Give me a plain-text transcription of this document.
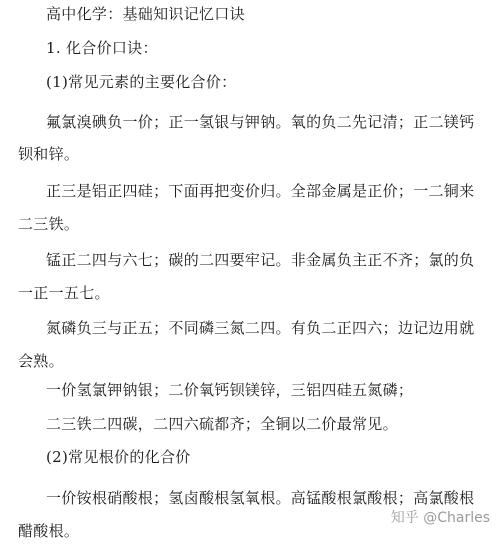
高中化学：基础知识记忆口诀
1. 化合价口诀：
(1)常见元素的主要化合价：
氟氯溴碘负一价；正一氢银与钾钠。氧的负二先记清；正二镁钙钡和锌。
正三是铝正四硅；下面再把变价归。全部金属是正价；一二铜来二三铁。
锰正二四与六七；碳的二四要牢记。非金属负主正不齐；氯的负一正一五七。
氮磷负三与正五；不同磷三氮二四。有负二正四六；边记边用就会熟。
一价氢氯钾钠银；二价氧钙钡镁锌，三铝四硅五氮磷；
二三铁二四碳，二四六硫都齐；全铜以二价最常见。
(2)常见根价的化合价
一价铵根硝酸根；氢卤酸根氢氧根。高锰酸根氯酸根；高氯酸根醋酸根。
知乎 @Charles
